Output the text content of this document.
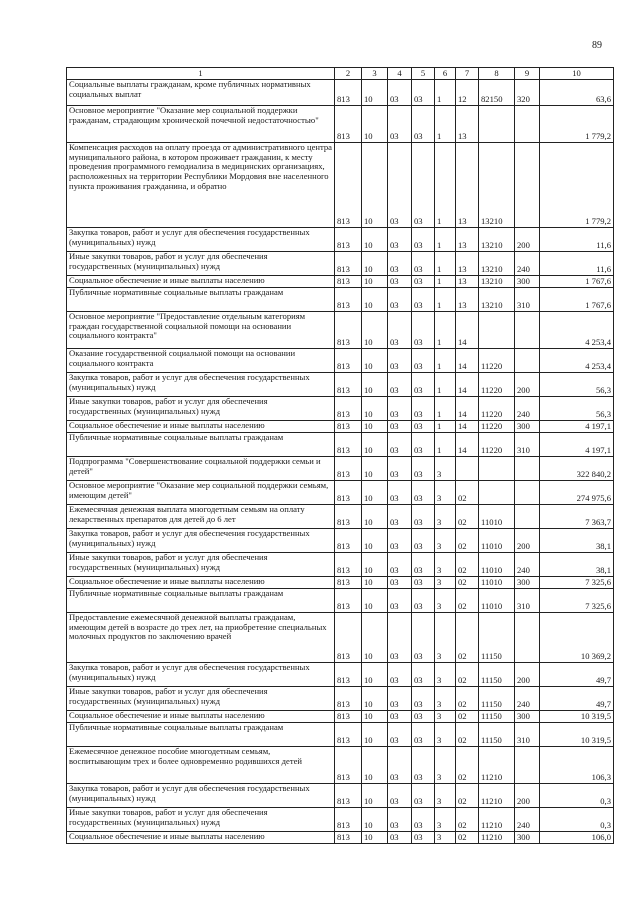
89
1	2	3	4	5	6	7	8	9	10
Социальные выплаты гражданам, кроме публичных нормативных социальных выплат	813	10	03	03	1	12	82150	320	63,6
Основное мероприятие "Оказание мер социальной поддержки гражданам, страдающим хронической почечной недостаточностью"	813	10	03	03	1	13			1 779,2
Компенсация расходов на оплату проезда от административного центра муниципального района, в котором проживает гражданин, к месту проведения программного гемодиализа в медицинских организациях, расположенных на территории Республики Мордовия вне населенного пункта проживания гражданина, и обратно	813	10	03	03	1	13	13210		1 779,2
Закупка товаров, работ и услуг для обеспечения государственных (муниципальных) нужд	813	10	03	03	1	13	13210	200	11,6
Иные закупки товаров, работ и услуг для обеспечения государственных (муниципальных) нужд	813	10	03	03	1	13	13210	240	11,6
Социальное обеспечение и иные выплаты населению	813	10	03	03	1	13	13210	300	1 767,6
Публичные нормативные социальные выплаты гражданам	813	10	03	03	1	13	13210	310	1 767,6
Основное мероприятие "Предоставление отдельным категориям граждан государственной социальной помощи на основании социального контракта"	813	10	03	03	1	14			4 253,4
Оказание государственной социальной помощи на основании социального контракта	813	10	03	03	1	14	11220		4 253,4
Закупка товаров, работ и услуг для обеспечения государственных (муниципальных) нужд	813	10	03	03	1	14	11220	200	56,3
Иные закупки товаров, работ и услуг для обеспечения государственных (муниципальных) нужд	813	10	03	03	1	14	11220	240	56,3
Социальное обеспечение и иные выплаты населению	813	10	03	03	1	14	11220	300	4 197,1
Публичные нормативные социальные выплаты гражданам	813	10	03	03	1	14	11220	310	4 197,1
Подпрограмма "Совершенствование социальной поддержки семьи и детей"	813	10	03	03	3				322 840,2
Основное мероприятие "Оказание мер социальной поддержки семьям, имеющим детей"	813	10	03	03	3	02			274 975,6
Ежемесячная денежная выплата многодетным семьям на оплату лекарственных препаратов для детей до 6 лет	813	10	03	03	3	02	11010		7 363,7
Закупка товаров, работ и услуг для обеспечения государственных (муниципальных) нужд	813	10	03	03	3	02	11010	200	38,1
Иные закупки товаров, работ и услуг для обеспечения государственных (муниципальных) нужд	813	10	03	03	3	02	11010	240	38,1
Социальное обеспечение и иные выплаты населению	813	10	03	03	3	02	11010	300	7 325,6
Публичные нормативные социальные выплаты гражданам	813	10	03	03	3	02	11010	310	7 325,6
Предоставление ежемесячной денежной выплаты гражданам, имеющим детей в возрасте до трех лет, на приобретение специальных молочных продуктов по заключению врачей	813	10	03	03	3	02	11150		10 369,2
Закупка товаров, работ и услуг для обеспечения государственных (муниципальных) нужд	813	10	03	03	3	02	11150	200	49,7
Иные закупки товаров, работ и услуг для обеспечения государственных (муниципальных) нужд	813	10	03	03	3	02	11150	240	49,7
Социальное обеспечение и иные выплаты населению	813	10	03	03	3	02	11150	300	10 319,5
Публичные нормативные социальные выплаты гражданам	813	10	03	03	3	02	11150	310	10 319,5
Ежемесячное денежное пособие многодетным семьям, воспитывающим трех и более одновременно родившихся детей	813	10	03	03	3	02	11210		106,3
Закупка товаров, работ и услуг для обеспечения государственных (муниципальных) нужд	813	10	03	03	3	02	11210	200	0,3
Иные закупки товаров, работ и услуг для обеспечения государственных (муниципальных) нужд	813	10	03	03	3	02	11210	240	0,3
Социальное обеспечение и иные выплаты населению	813	10	03	03	3	02	11210	300	106,0
